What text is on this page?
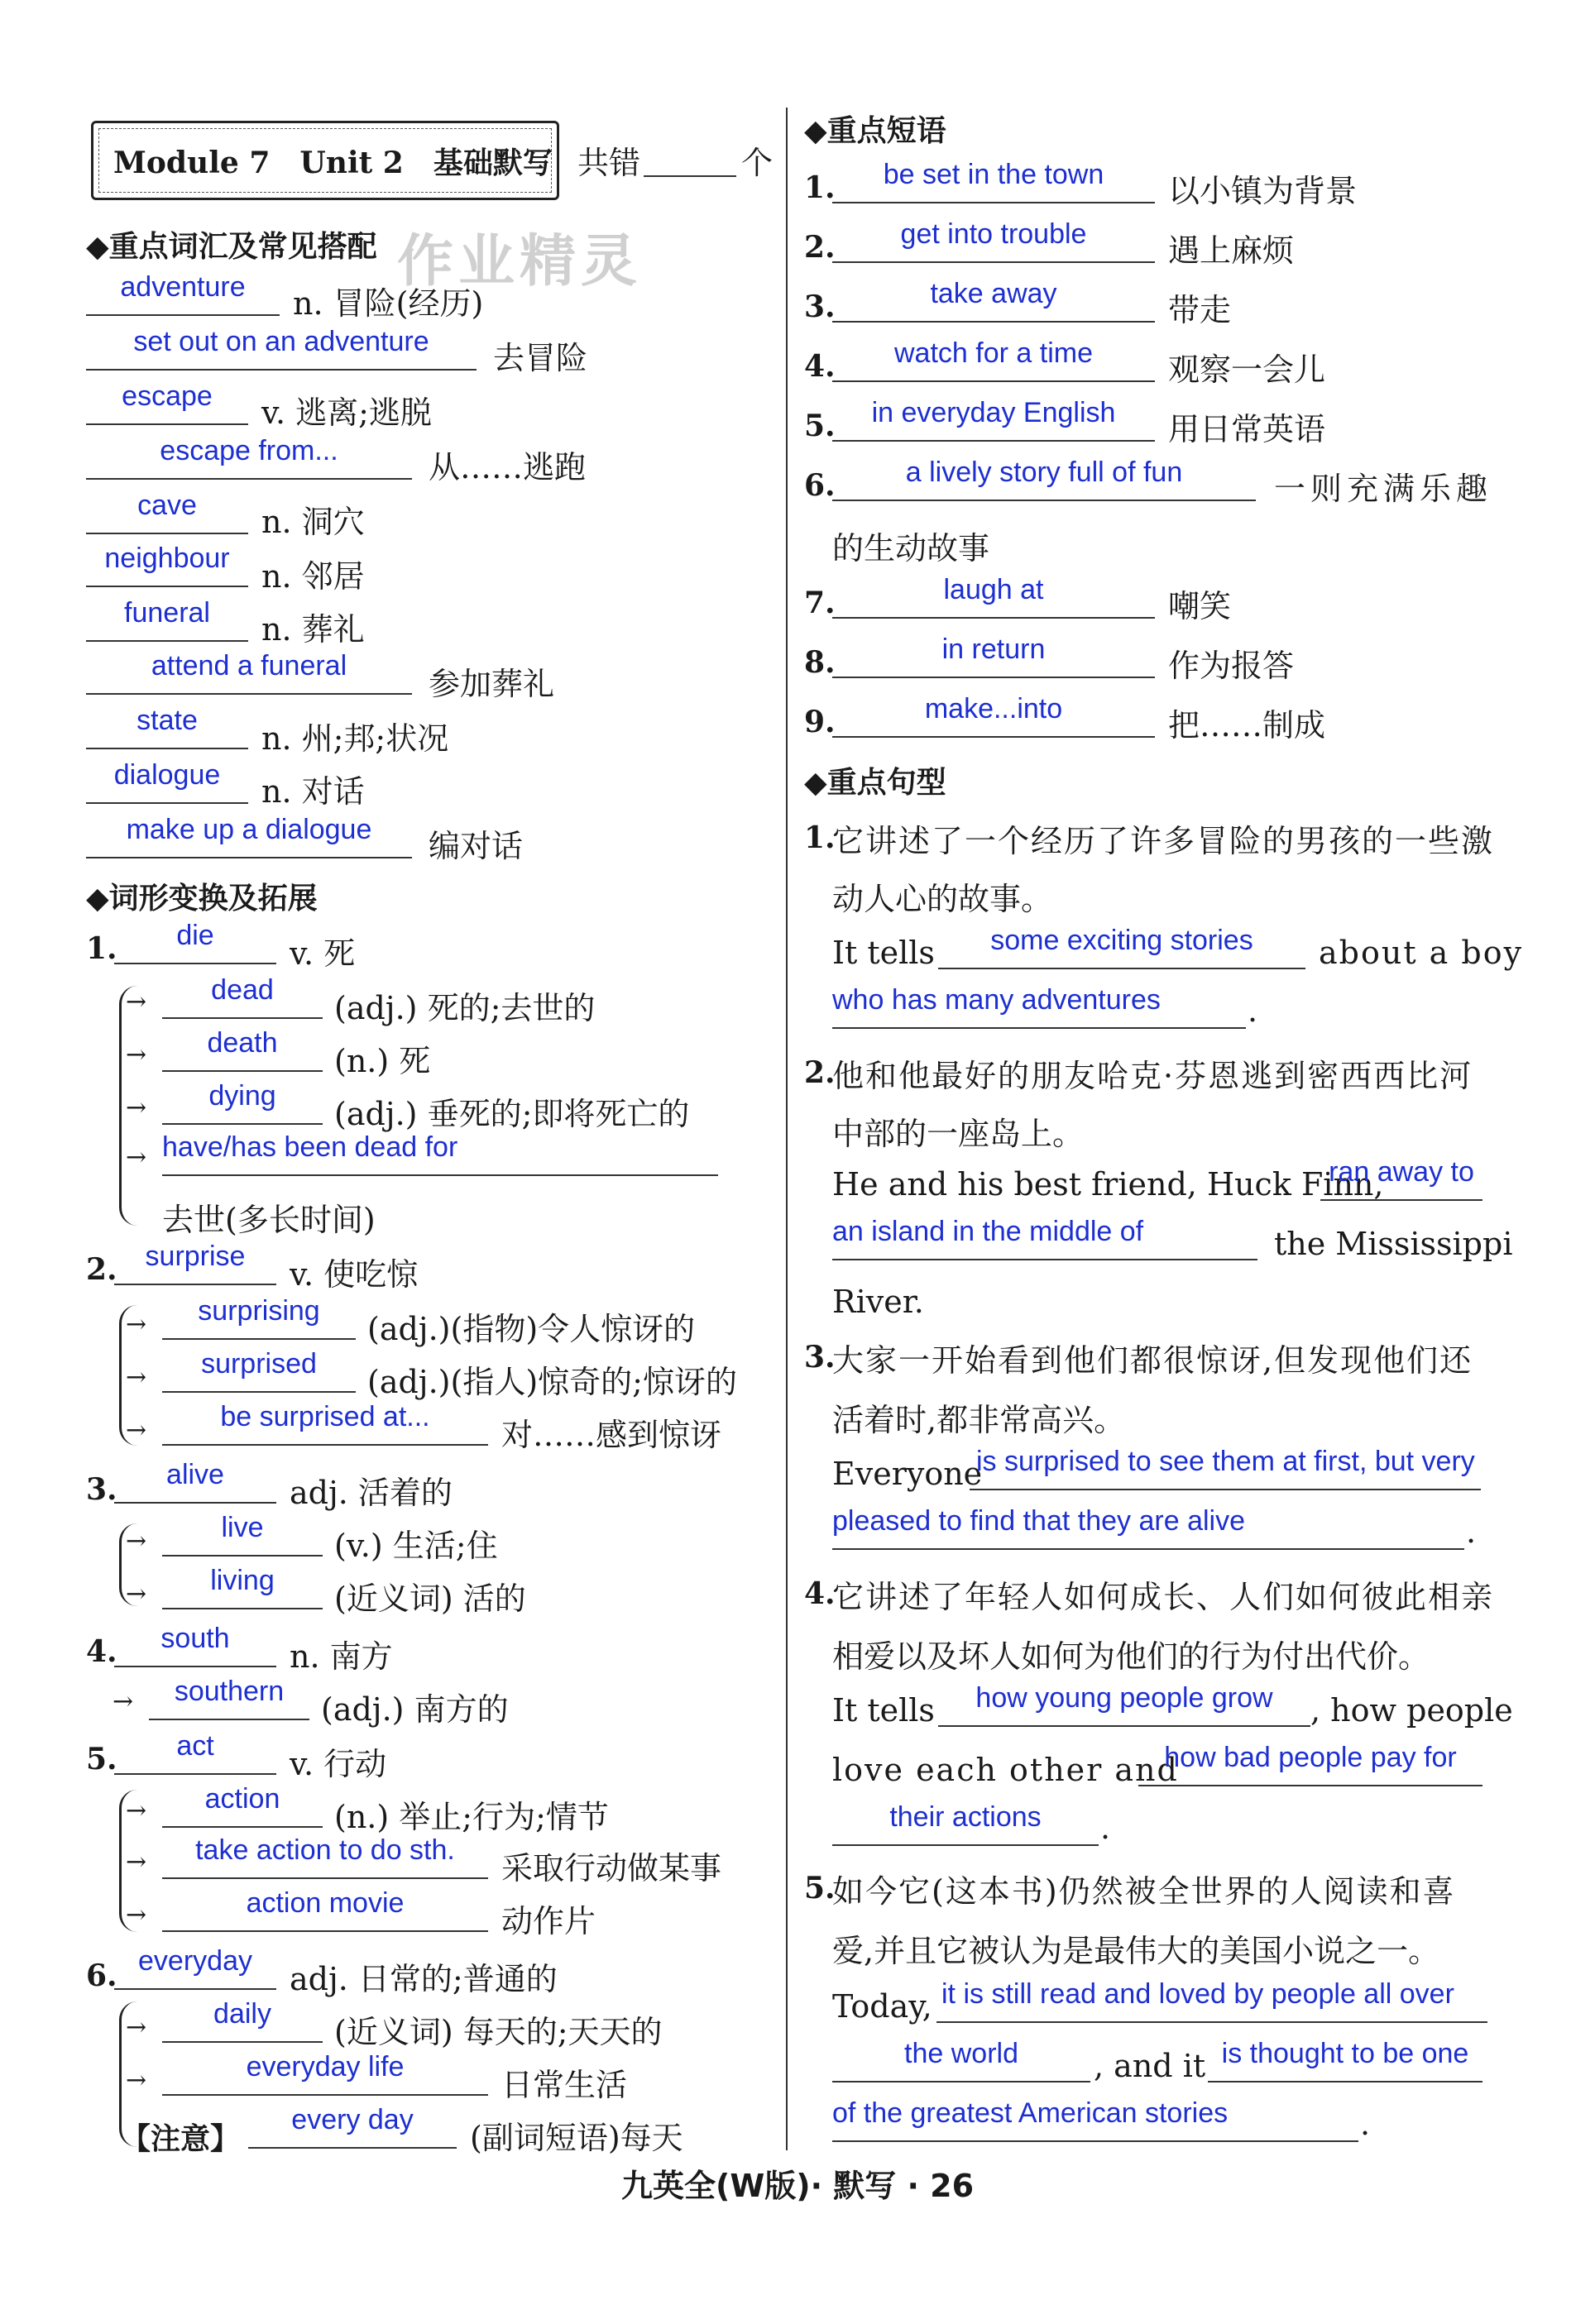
Module 7　Unit 2　基础默写 共错	个
作业精灵
◆重点词汇及常见搭配
adventure	n. 冒险(经历)
set out on an adventure	去冒险
escape	v. 逃离;逃脱
escape from...	从……逃跑
cave	n. 洞穴
neighbour	n. 邻居
funeral	n. 葬礼
attend a funeral	参加葬礼
state	n. 州;邦;状况
dialogue	n. 对话
make up a dialogue	编对话
◆词形变换及拓展
1.	die	v. 死
→	dead	(adj.) 死的;去世的
→	death	(n.) 死
→	dying	(adj.) 垂死的;即将死亡的
→ have/has been dead for
去世(多长时间)
2. surprise	v. 使吃惊
→	surprising	(adj.)(指物)令人惊讶的
→	surprised	(adj.)(指人)惊奇的;惊讶的
→	be surprised at...	对……感到惊讶
3.	alive	adj. 活着的
→	live	(v.) 生活;住
→	living	(近义词) 活的
4.	south	n. 南方
→	southern	(adj.) 南方的
5.	act	v. 行动
→	action	(n.) 举止;行为;情节
→	take action to do sth.	采取行动做某事
→	action movie	动作片
6. everyday	adj. 日常的;普通的
→	daily	(近义词) 每天的;天天的
→	everyday life	日常生活
【注意】
every day	(副词短语)每天
◆重点短语
1.	be set in the town	以小镇为背景
2.	get into trouble	遇上麻烦
3.	take away	带走
4.	watch for a time	观察一会儿
5.	in everyday English	用日常英语
6.	a lively story full of fun	一则充满乐趣
的生动故事
7.	laugh at	嘲笑
8.	in return	作为报答
9.	make...into	把……制成
◆重点句型
1.
它讲述了一个经历了许多冒险的男孩的一些激
动人心的故事。
It tells	some exciting stories	about a boy
who has many adventures	.
2.
他和他最好的朋友哈克·芬恩逃到密西西比河
中部的一座岛上。
He and his best friend, Huck Finn,
ran away to
an island in the middle of	the Mississippi
River.
3.
大家一开始看到他们都很惊讶,但发现他们还
活着时,都非常高兴。
Everyone
is surprised to see them at first, but very
pleased to find that they are alive	.
4.
它讲述了年轻人如何成长、人们如何彼此相亲
相爱以及坏人如何为他们的行为付出代价。
It tells	how young people grow	, how people
love each other and
how bad people pay for
their actions	.
5.
如今它(这本书)仍然被全世界的人阅读和喜
爱,并且它被认为是最伟大的美国小说之一。
Today, it is still read and loved by people all over
the world	, and it is thought to be one
of the greatest American stories	.
九英全(W版)· 默写 · 26
